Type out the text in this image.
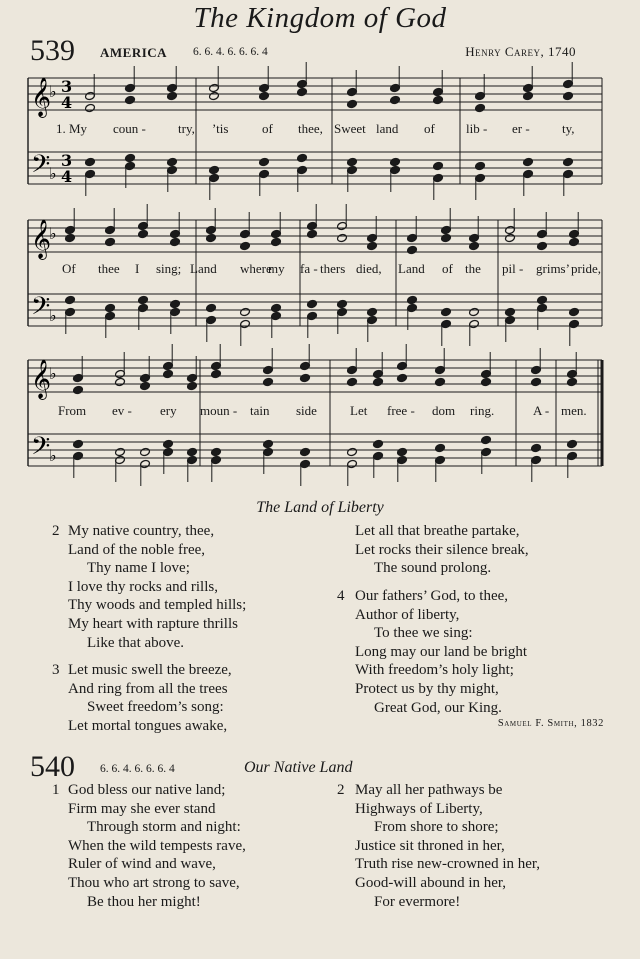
The Kingdom of God
539 AMERICA 6. 6. 4. 6. 6. 6. 4	Henry Carey, 1740
𝄞
𝄢
♭
♭
3
3
4
4
1. My coun - try, ’tis	of thee, Sweet land of lib - er - ty,
𝄞
𝄢
♭
♭
Of thee I sing; Land where
my fa - thers died, Land of the pil - grims’ pride,
𝄞
𝄢
♭
♭
From ev - ery moun - tain side	Let free - dom ring.	A - men.
The Land of Liberty
2 My native country, thee,
Land of the noble free,
Thy name I love;
I love thy rocks and rills,
Thy woods and templed hills;
My heart with rapture thrills
Like that above.
3 Let music swell the breeze,
And ring from all the trees
Sweet freedom’s song:
Let mortal tongues awake,
Let all that breathe partake,
Let rocks their silence break,
The sound prolong.
4 Our fathers’ God, to thee,
Author of liberty,
To thee we sing:
Long may our land be bright
With freedom’s holy light;
Protect us by thy might,
Great God, our King.
Samuel F. Smith, 1832
540 6. 6. 4. 6. 6. 6. 4	Our Native Land
1 God bless our native land;
Firm may she ever stand
Through storm and night:
When the wild tempests rave,
Ruler of wind and wave,
Thou who art strong to save,
Be thou her might!
2 May all her pathways be
Highways of Liberty,
From shore to shore;
Justice sit throned in her,
Truth rise new-crowned in her,
Good-will abound in her,
For evermore!
